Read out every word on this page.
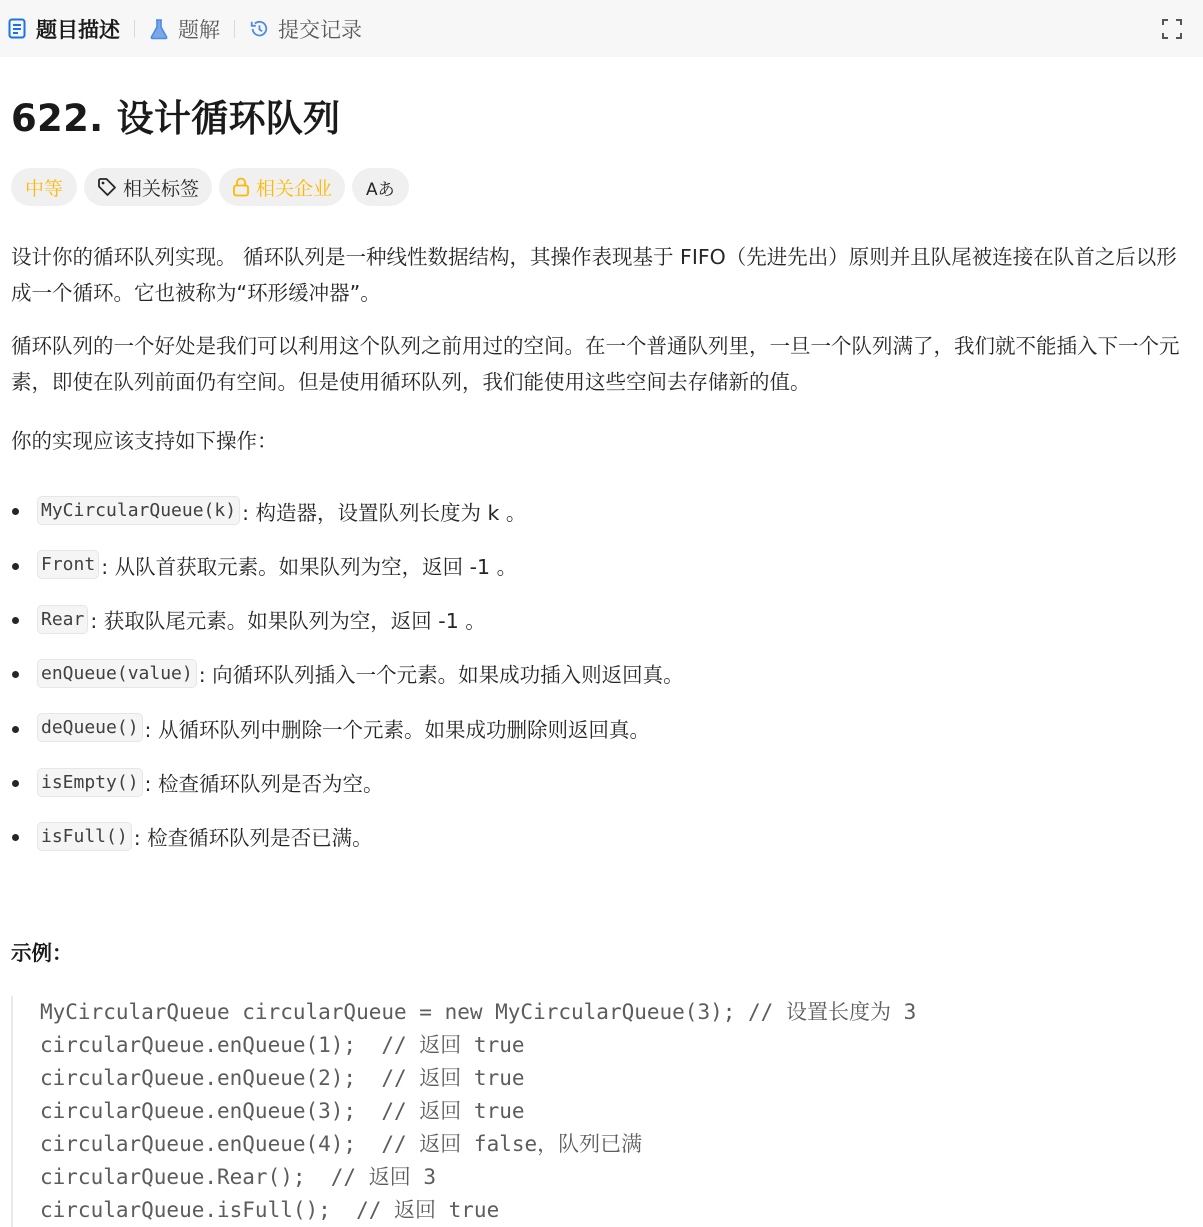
题目描述	题解	提交记录
622. 设计循环队列
中等	相关标签	相关企业 Aあ

设计你的循环队列实现。 循环队列是一种线性数据结构，其操作表现基于 FIFO（先进先出）原则并且队尾被连接在队首之后以形成一个循环。它也被称为“环形缓冲器”。

循环队列的一个好处是我们可以利用这个队列之前用过的空间。在一个普通队列里，一旦一个队列满了，我们就不能插入下一个元素，即使在队列前面仍有空间。但是使用循环队列，我们能使用这些空间去存储新的值。

你的实现应该支持如下操作：

MyCircularQueue(k) : 构造器，设置队列长度为 k 。
Front : 从队首获取元素。如果队列为空，返回 -1 。
Rear : 获取队尾元素。如果队列为空，返回 -1 。
enQueue(value) : 向循环队列插入一个元素。如果成功插入则返回真。
deQueue() : 从循环队列中删除一个元素。如果成功删除则返回真。
isEmpty() : 检查循环队列是否为空。
isFull() : 检查循环队列是否已满。
示例：
MyCircularQueue circularQueue = new MyCircularQueue(3); // 设置长度为 3
circularQueue.enQueue(1);  // 返回 true
circularQueue.enQueue(2);  // 返回 true
circularQueue.enQueue(3);  // 返回 true
circularQueue.enQueue(4);  // 返回 false，队列已满
circularQueue.Rear();  // 返回 3
circularQueue.isFull();  // 返回 true
